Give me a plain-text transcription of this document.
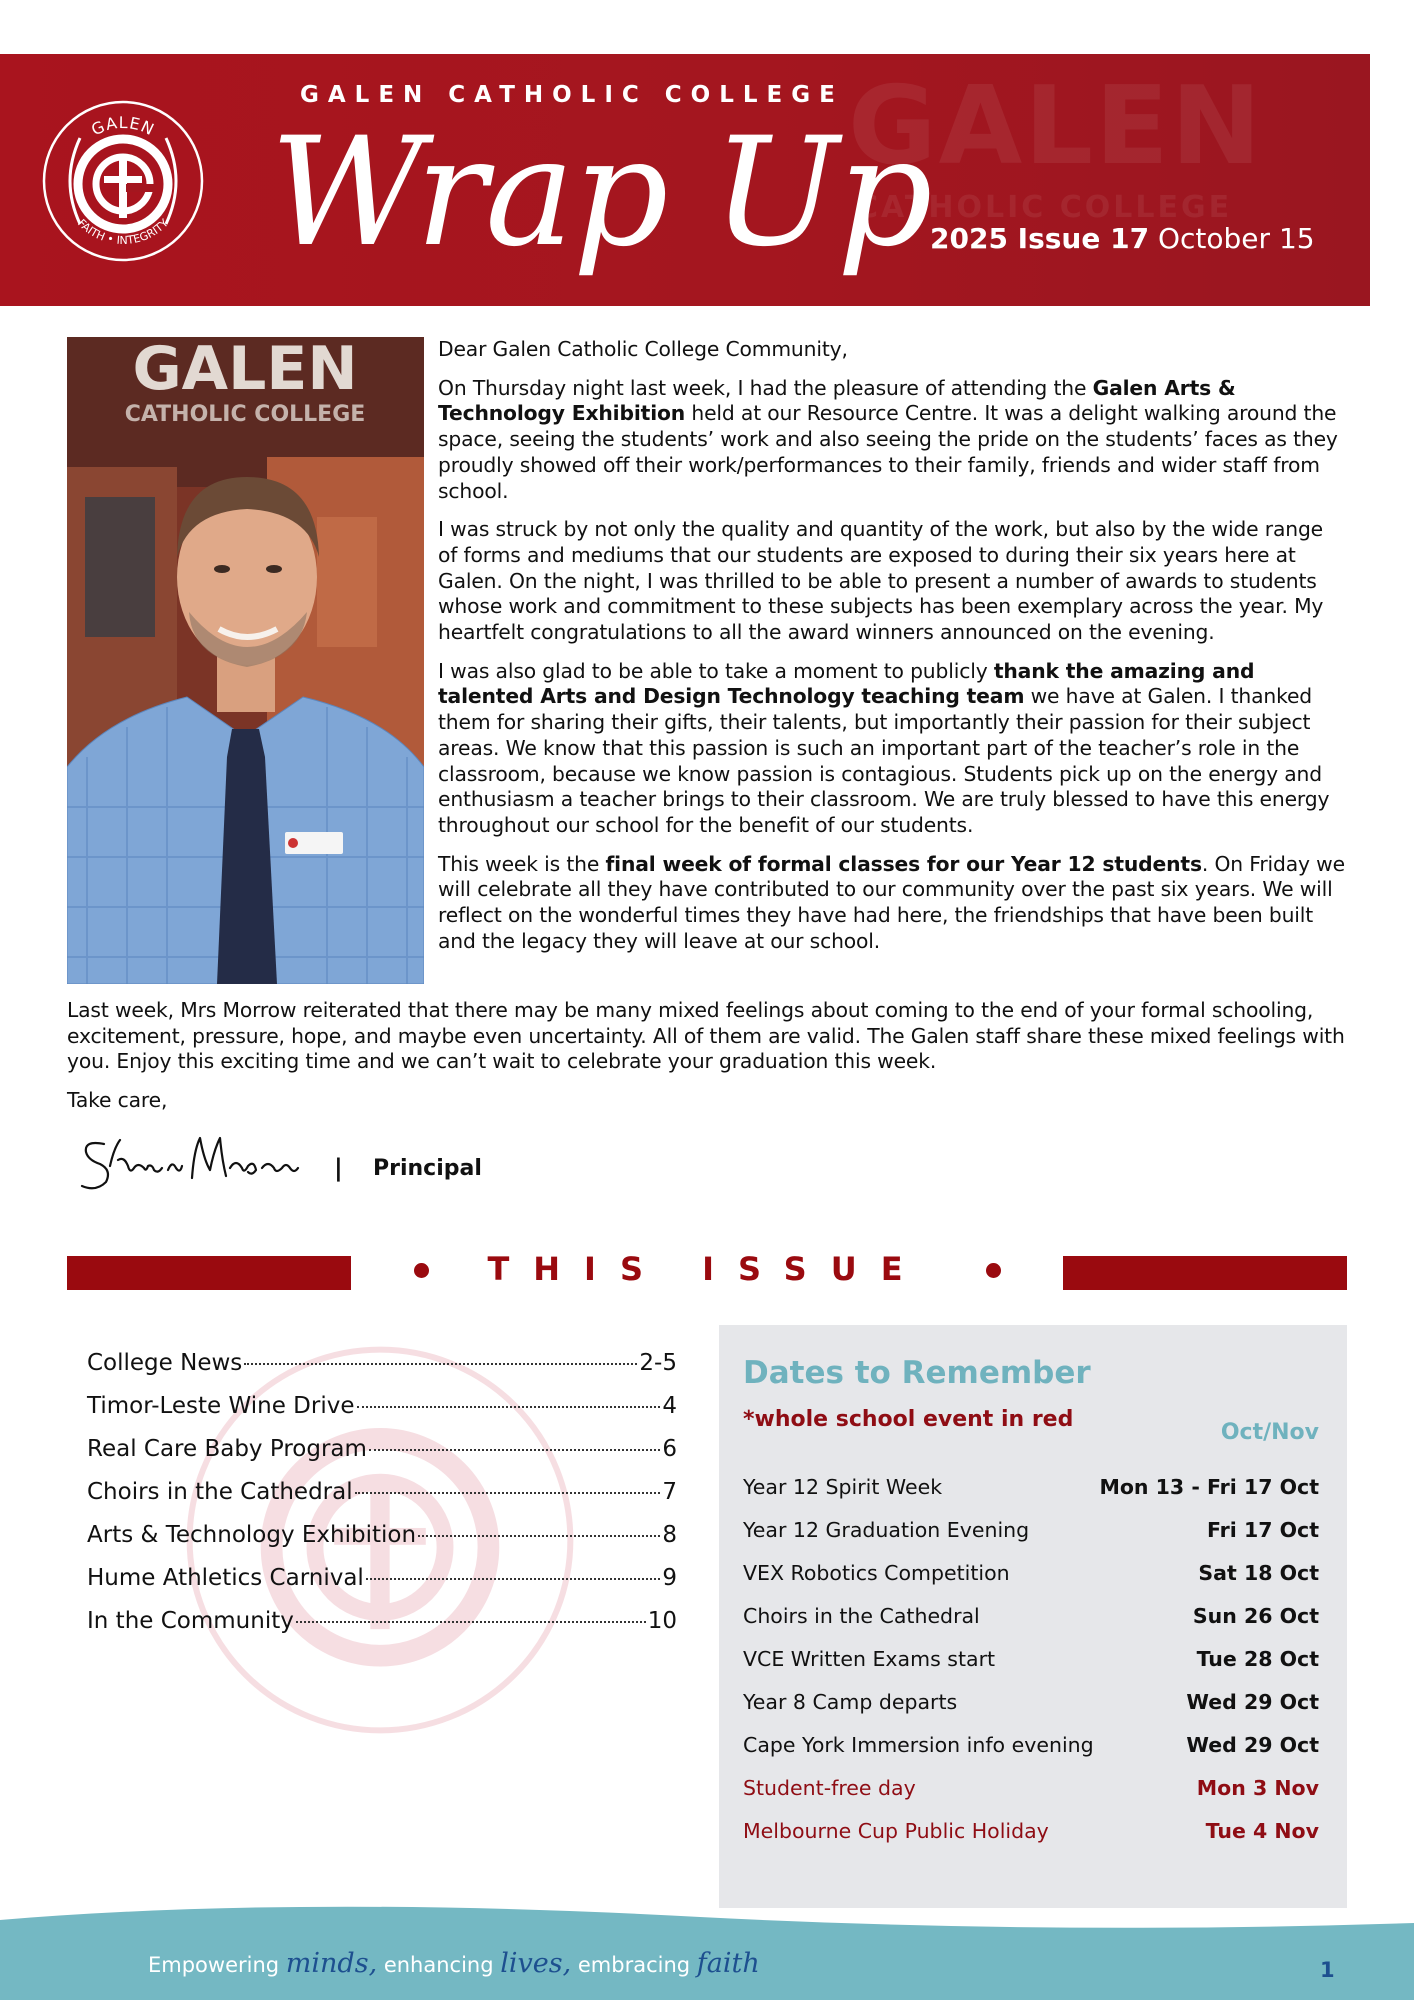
GALEN
CATHOLIC COLLEGE
GALEN
FAITH • INTEGRITY
GALEN CATHOLIC COLLEGE
Wrap Up 2025 Issue 17 October 15
GALEN
CATHOLIC COLLEGE

Dear Galen Catholic College Community,

On Thursday night last week, I had the pleasure of attending the Galen Arts & Technology Exhibition held at our Resource Centre. It was a delight walking around the space, seeing the students’ work and also seeing the pride on the students’ faces as they proudly showed off their work/performances to their family, friends and wider staff from school.

I was struck by not only the quality and quantity of the work, but also by the wide range of forms and mediums that our students are exposed to during their six years here at Galen. On the night, I was thrilled to be able to present a number of awards to students whose work and commitment to these subjects has been exemplary across the year. My heartfelt congratulations to all the award winners announced on the evening.

I was also glad to be able to take a moment to publicly thank the amazing and talented Arts and Design Technology teaching team we have at Galen. I thanked them for sharing their gifts, their talents, but importantly their passion for their subject areas. We know that this passion is such an important part of the teacher’s role in the classroom, because we know passion is contagious. Students pick up on the energy and enthusiasm a teacher brings to their classroom. We are truly blessed to have this energy throughout our school for the benefit of our students.

This week is the final week of formal classes for our Year 12 students. On Friday we will celebrate all they have contributed to our community over the past six years. We will reflect on the wonderful times they have had here, the friendships that have been built and the legacy they will leave at our school.

Last week, Mrs Morrow reiterated that there may be many mixed feelings about coming to the end of your formal schooling, excitement, pressure, hope, and maybe even uncertainty. All of them are valid. The Galen staff share these mixed feelings with you. Enjoy this exciting time and we can’t wait to celebrate your graduation this week.

Take care,

| Principal
THIS ISSUE
College News	2-5
Timor-Leste Wine Drive	4
Real Care Baby Program	6
Choirs in the Cathedral	7
Arts & Technology Exhibition	8
Hume Athletics Carnival	9
In the Community	10
Dates to Remember
*whole school event in red
Oct/Nov
Year 12 Spirit Week	Mon 13 - Fri 17 Oct
Year 12 Graduation Evening	Fri 17 Oct
VEX Robotics Competition	Sat 18 Oct
Choirs in the Cathedral	Sun 26 Oct
VCE Written Exams start	Tue 28 Oct
Year 8 Camp departs	Wed 29 Oct
Cape York Immersion info evening	Wed 29 Oct
Student-free day	Mon 3 Nov
Melbourne Cup Public Holiday	Tue 4 Nov
Empowering minds, enhancing lives, embracing faith	1
